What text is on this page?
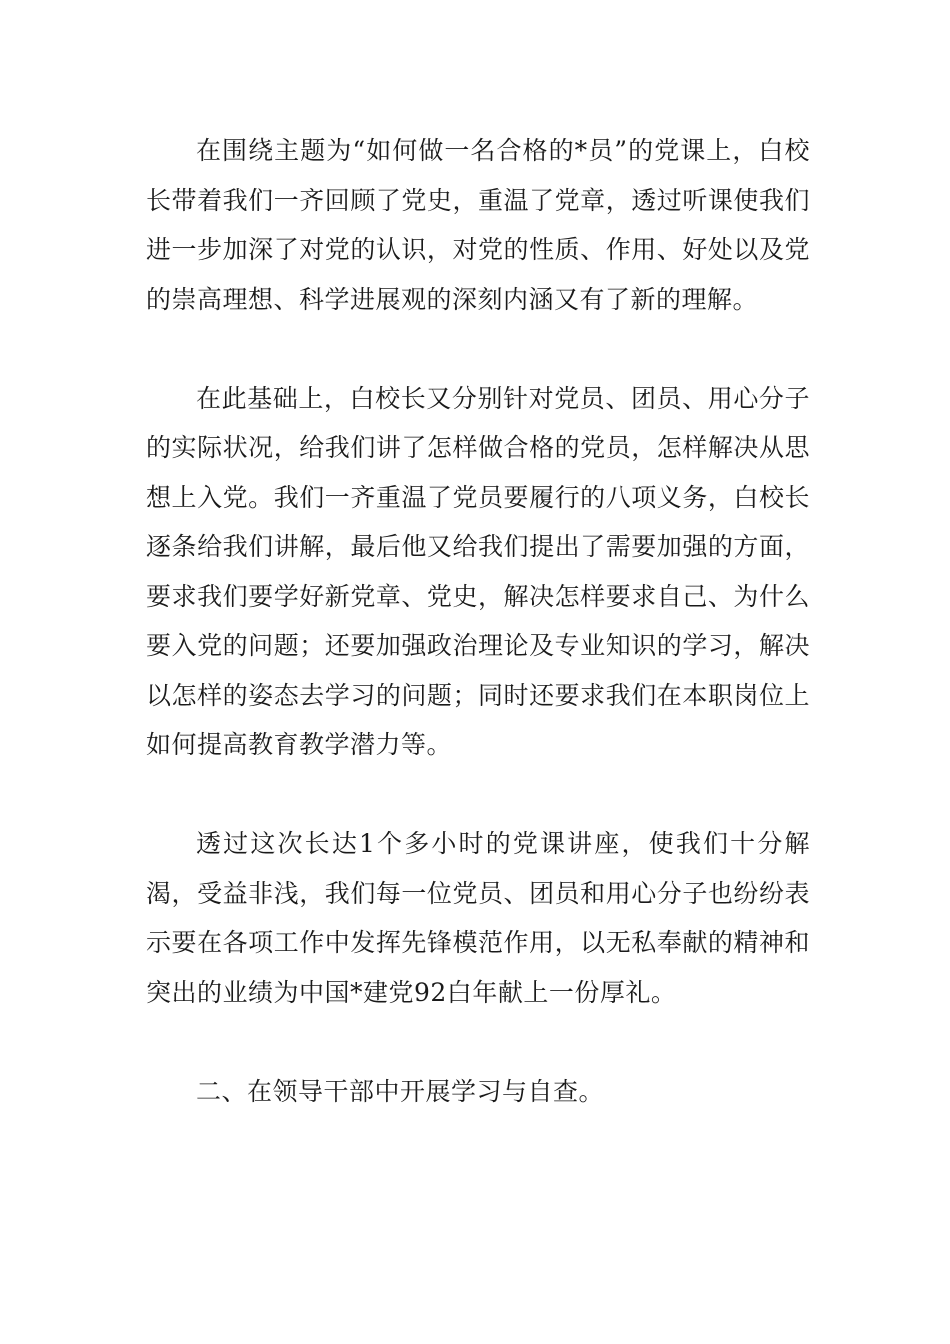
在围绕主题为“如何做一名合格的*员”的党课上，白校长带着我们一齐回顾了党史，重温了党章，透过听课使我们进一步加深了对党的认识，对党的性质、作用、好处以及党的崇高理想、科学进展观的深刻内涵又有了新的理解。

在此基础上，白校长又分别针对党员、团员、用心分子的实际状况，给我们讲了怎样做合格的党员，怎样解决从思想上入党。我们一齐重温了党员要履行的八项义务，白校长逐条给我们讲解，最后他又给我们提出了需要加强的方面，要求我们要学好新党章、党史，解决怎样要求自己、为什么要入党的问题；还要加强政治理论及专业知识的学习，解决以怎样的姿态去学习的问题；同时还要求我们在本职岗位上如何提高教育教学潜力等。

透过这次长达1个多小时的党课讲座，使我们十分解渴，受益非浅，我们每一位党员、团员和用心分子也纷纷表示要在各项工作中发挥先锋模范作用，以无私奉献的精神和突出的业绩为中国*建党92白年献上一份厚礼。

二、在领导干部中开展学习与自查。
